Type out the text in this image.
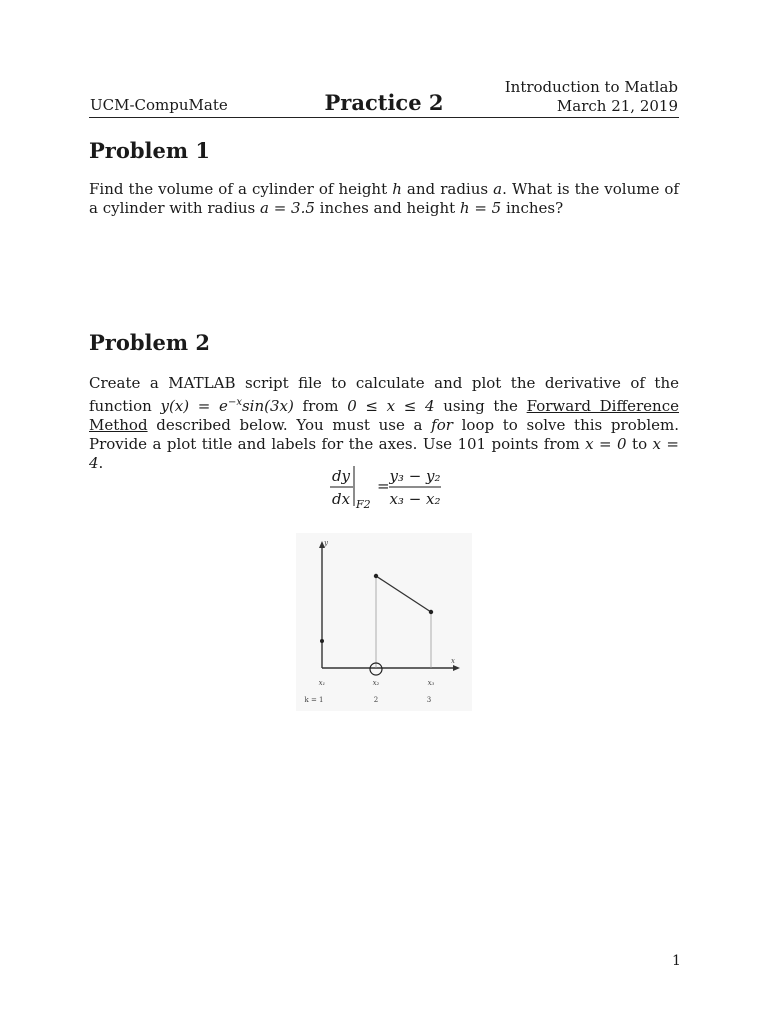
UCM-CompuMate	Practice 2
Introduction to Matlab
March 21, 2019
Problem 1
Find the volume of a cylinder of height h and radius a. What is the volume of a cylinder with radius a = 3.5 inches and height h = 5 inches?
Problem 2
Create a MATLAB script file to calculate and plot the derivative of the function $y(x) = e^{-x}\sin(3x)$ from 0 ≤ x ≤ 4 using the Forward Difference Method described below. You must use a for loop to solve this problem. Provide a plot title and labels for the axes. Use 101 points from x = 0 to x = 4.
dy
dx F2
=
y₃ − y₂
x₃ − x₂
y
x
x₁	x₂	x₃
k = 1	2	3
1
